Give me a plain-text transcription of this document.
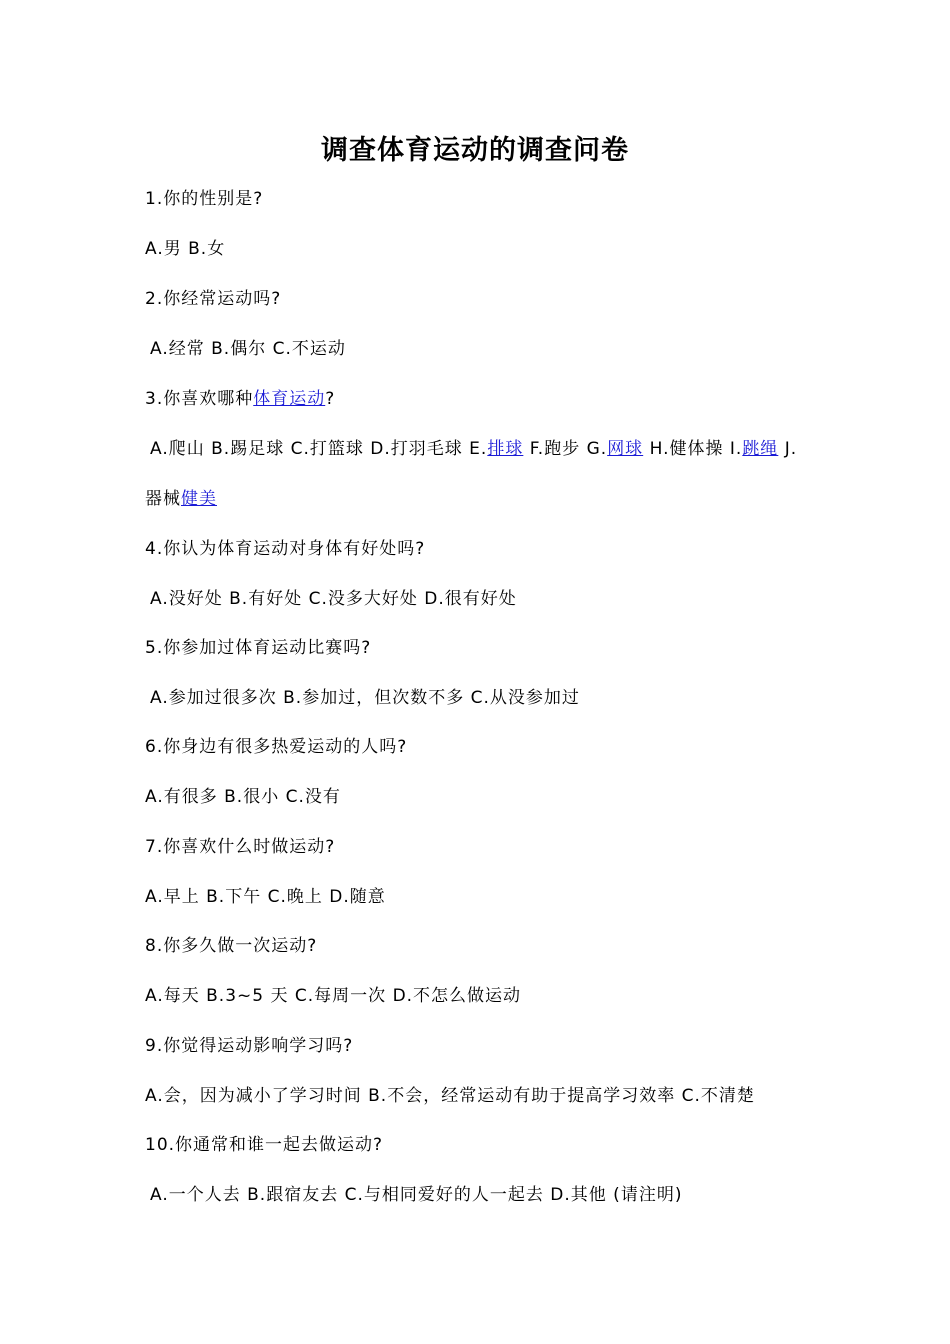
调查体育运动的调查问卷
1.你的性别是?
A.男 B.女
2.你经常运动吗?
A.经常 B.偶尔 C.不运动
3.你喜欢哪种体育运动?
A.爬山 B.踢足球 C.打篮球 D.打羽毛球 E.排球 F.跑步 G.网球 H.健体操 I.跳绳 J.
器械健美
4.你认为体育运动对身体有好处吗?
A.没好处 B.有好处 C.没多大好处 D.很有好处
5.你参加过体育运动比赛吗?
A.参加过很多次 B.参加过，但次数不多 C.从没参加过
6.你身边有很多热爱运动的人吗?
A.有很多 B.很小 C.没有
7.你喜欢什么时做运动?
A.早上 B.下午 C.晚上 D.随意
8.你多久做一次运动?
A.每天 B.3~5 天 C.每周一次 D.不怎么做运动
9.你觉得运动影响学习吗?
A.会，因为减小了学习时间 B.不会，经常运动有助于提高学习效率 C.不清楚
10.你通常和谁一起去做运动?
A.一个人去 B.跟宿友去 C.与相同爱好的人一起去 D.其他 (请注明)
